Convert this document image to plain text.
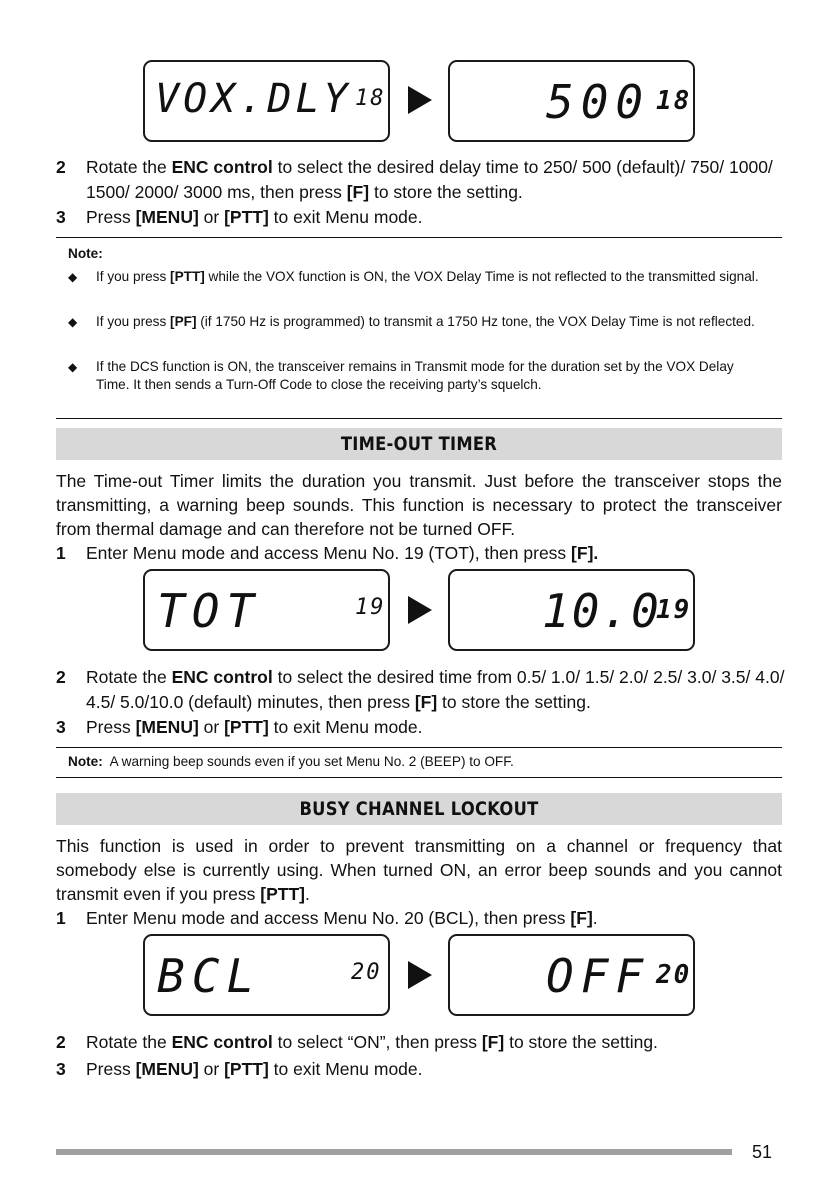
VOX.DLY 18	500 18
2 Rotate the ENC control to select the desired delay time to 250/ 500 (default)/ 750/ 1000/ 1500/ 2000/ 3000 ms, then press [F] to store the setting.
3 Press [MENU] or [PTT] to exit Menu mode.
Note:
◆ If you press [PTT] while the VOX function is ON, the VOX Delay Time is not reflected to the transmitted signal.
◆ If you press [PF] (if 1750 Hz is programmed) to transmit a 1750 Hz tone, the VOX Delay Time is not reflected.
◆ If the DCS function is ON, the transceiver remains in Transmit mode for the duration set by the VOX Delay Time. It then sends a Turn-Off Code to close the receiving party’s squelch.
TIME-OUT TIMER
The Time-out Timer limits the duration you transmit. Just before the transceiver stops the transmitting, a warning beep sounds. This function is necessary to protect the transceiver from thermal damage and can therefore not be turned OFF.
1 Enter Menu mode and access Menu No. 19 (TOT), then press [F].
TOT	19	10.0
19
2 Rotate the ENC control to select the desired time from 0.5/ 1.0/ 1.5/ 2.0/ 2.5/ 3.0/ 3.5/ 4.0/ 4.5/ 5.0/10.0 (default) minutes, then press [F] to store the setting.
3 Press [MENU] or [PTT] to exit Menu mode.
Note: A warning beep sounds even if you set Menu No. 2 (BEEP) to OFF.
BUSY CHANNEL LOCKOUT
This function is used in order to prevent transmitting on a channel or frequency that somebody else is currently using. When turned ON, an error beep sounds and you cannot transmit even if you press [PTT].
1 Enter Menu mode and access Menu No. 20 (BCL), then press [F].
BCL	20	OFF 20
2 Rotate the ENC control to select “ON”, then press [F] to store the setting.
3 Press [MENU] or [PTT] to exit Menu mode.
51
